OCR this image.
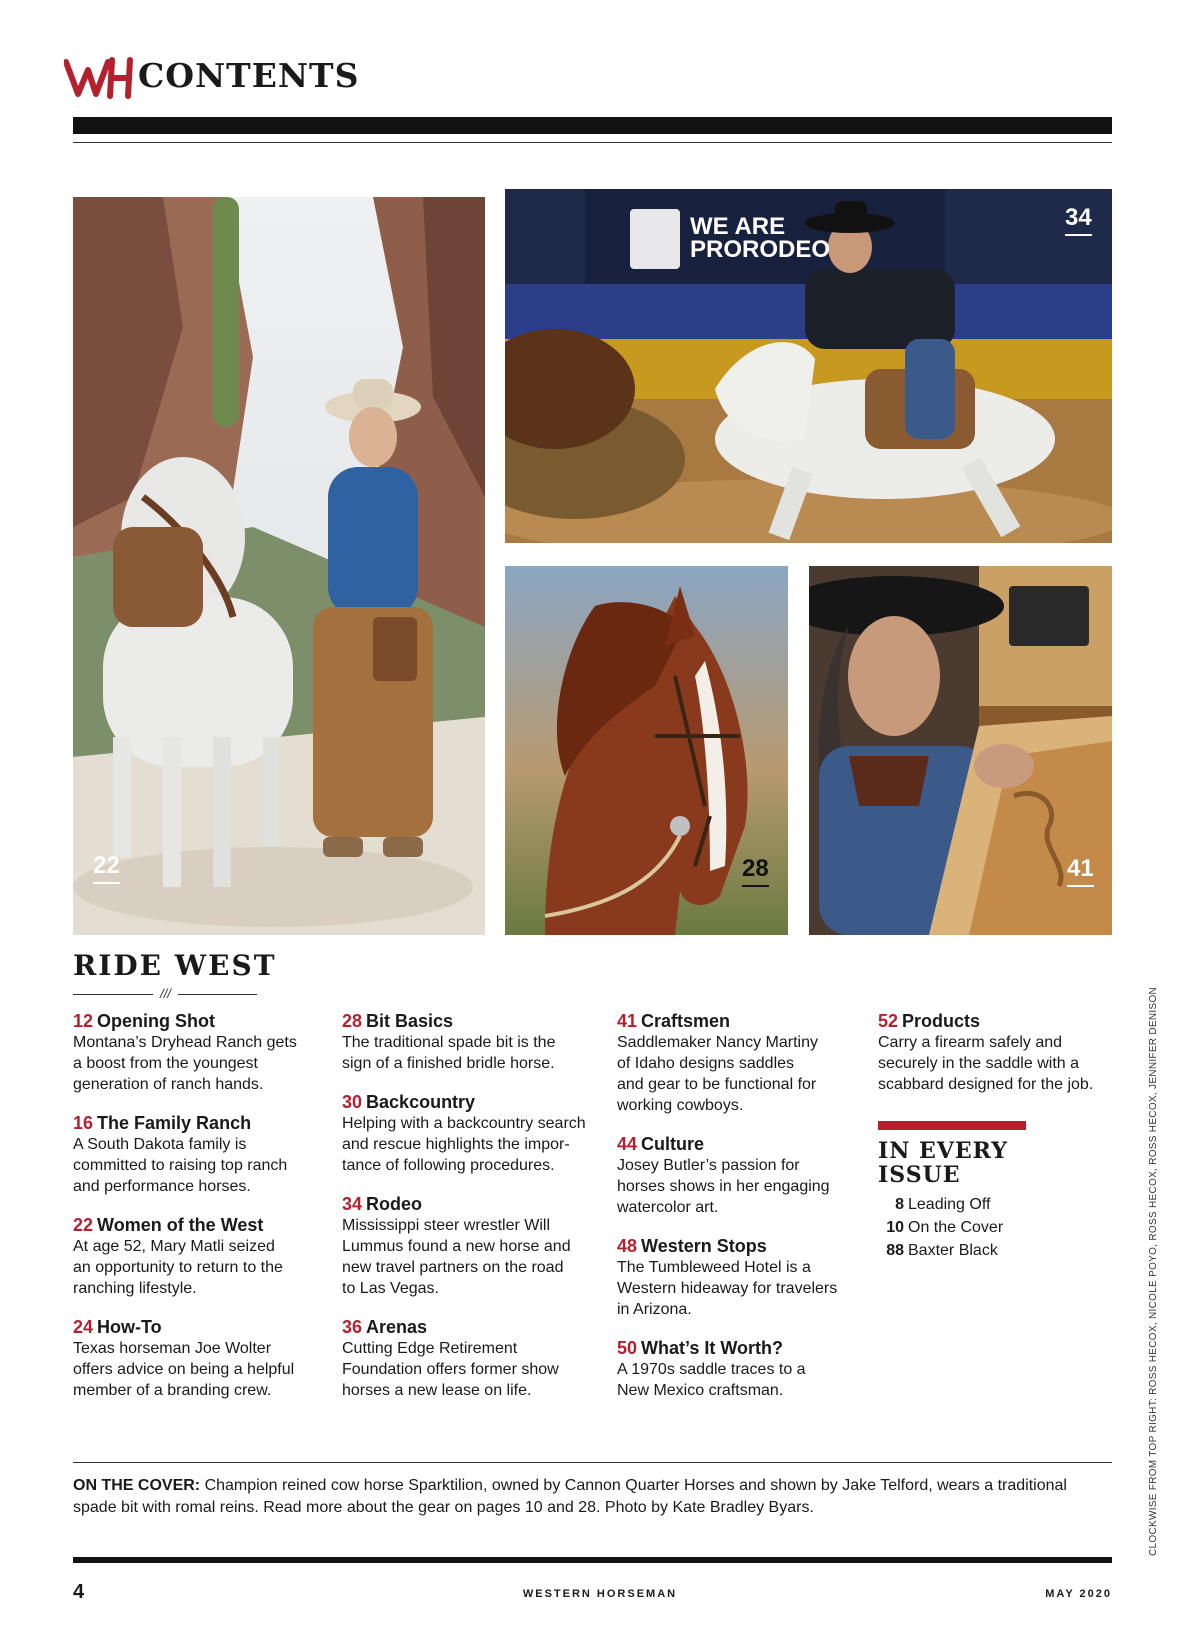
CONTENTS
22
WE ARE
PRORODEO
34
28	41
RIDE WEST
///
12 Opening Shot
Montana’s Dryhead Ranch gets
a boost from the youngest
generation of ranch hands.
16 The Family Ranch
A South Dakota family is
committed to raising top ranch
and performance horses.
22 Women of the West
At age 52, Mary Matli seized
an opportunity to return to the
ranching lifestyle.
24 How-To
Texas horseman Joe Wolter
offers advice on being a helpful
member of a branding crew.
28 Bit Basics
The traditional spade bit is the
sign of a finished bridle horse.
30 Backcountry
Helping with a backcountry search
and rescue highlights the impor-
tance of following procedures.
34 Rodeo
Mississippi steer wrestler Will
Lummus found a new horse and
new travel partners on the road
to Las Vegas.
36 Arenas
Cutting Edge Retirement
Foundation offers former show
horses a new lease on life.
41 Craftsmen
Saddlemaker Nancy Martiny
of Idaho designs saddles
and gear to be functional for
working cowboys.
44 Culture
Josey Butler’s passion for
horses shows in her engaging
watercolor art.
48 Western Stops
The Tumbleweed Hotel is a
Western hideaway for travelers
in Arizona.
50 What’s It Worth?
A 1970s saddle traces to a
New Mexico craftsman.
52 Products
Carry a firearm safely and
securely in the saddle with a
scabbard designed for the job.
IN EVERY
ISSUE
8 Leading Off
10 On the Cover
88 Baxter Black	CLOCKWISE FROM TOP RIGHT: ROSS HECOX, NICOLE POYO, ROSS HECOX, ROSS HECOX, JENNIFER DENISON
ON THE COVER: Champion reined cow horse Sparktilion, owned by Cannon Quarter Horses and shown by Jake Telford, wears a traditional spade bit with romal reins. Read more about the gear on pages 10 and 28. Photo by Kate Bradley Byars.
4	WESTERN HORSEMAN	MAY 2020
